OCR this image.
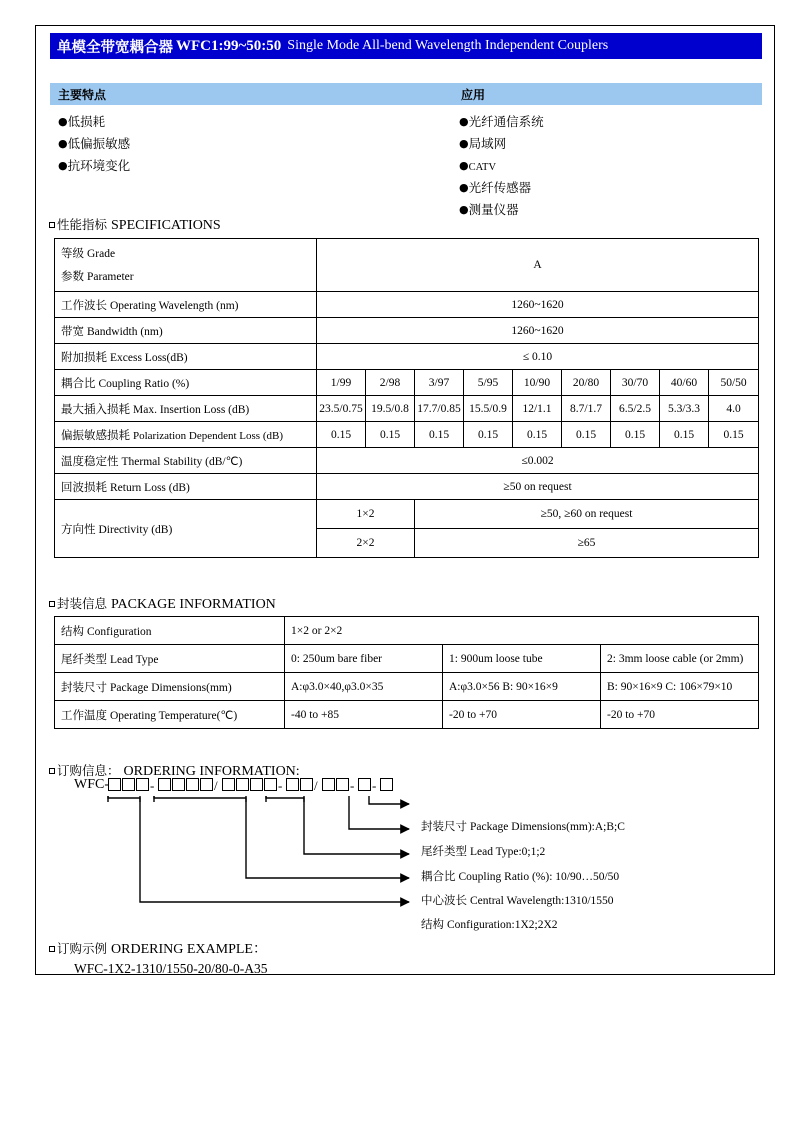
单模全带宽耦合器 WFC1:99~50:50 Single Mode All-bend Wavelength Independent Couplers
主要特点	应用
●低损耗
●低偏振敏感
●抗环境变化
●光纤通信系统
●局域网
●CATV
●光纤传感器
●测量仪器
性能指标 SPECIFICATIONS
等级 Grade
参数 Parameter	A								
工作波长 Operating Wavelength (nm)	1260~1620								
带宽 Bandwidth (nm)	1260~1620								
附加损耗 Excess Loss(dB)	≤ 0.10								
耦合比 Coupling Ratio (%)	1/99	2/98	3/97	5/95	10/90	20/80	30/70	40/60	50/50
最大插入损耗 Max. Insertion Loss (dB)	23.5/0.75	19.5/0.8	17.7/0.85	15.5/0.9	12/1.1	8.7/1.7	6.5/2.5	5.3/3.3	4.0
偏振敏感损耗 Polarization Dependent Loss (dB)	0.15	0.15	0.15	0.15	0.15	0.15	0.15	0.15	0.15
温度稳定性 Thermal Stability (dB/℃)	≤0.002								
回波损耗 Return Loss (dB)	≥50 on request								
方向性 Directivity (dB)	1×2		≥50, ≥60 on request						
	2×2		≥65						
封装信息 PACKAGE INFORMATION
结构 Configuration	1×2 or 2×2		
尾纤类型 Lead Type	0: 250um bare fiber	1: 900um loose tube	2: 3mm loose cable (or 2mm)
封装尺寸 Package Dimensions(mm)	A:φ3.0×40,φ3.0×35	A:φ3.0×56 B: 90×16×9	B: 90×16×9 C: 106×79×10
工作温度 Operating Temperature(℃)	-40 to +85	-20 to +70	-20 to +70
订购信息： ORDERING INFORMATION:
WFC-	-	/	- / - -
封装尺寸 Package Dimensions(mm):A;B;C
尾纤类型 Lead Type:0;1;2
耦合比 Coupling Ratio (%): 10/90…50/50
中心波长 Central Wavelength:1310/1550
结构 Configuration:1X2;2X2
订购示例 ORDERING EXAMPLE：
WFC-1X2-1310/1550-20/80-0-A35
